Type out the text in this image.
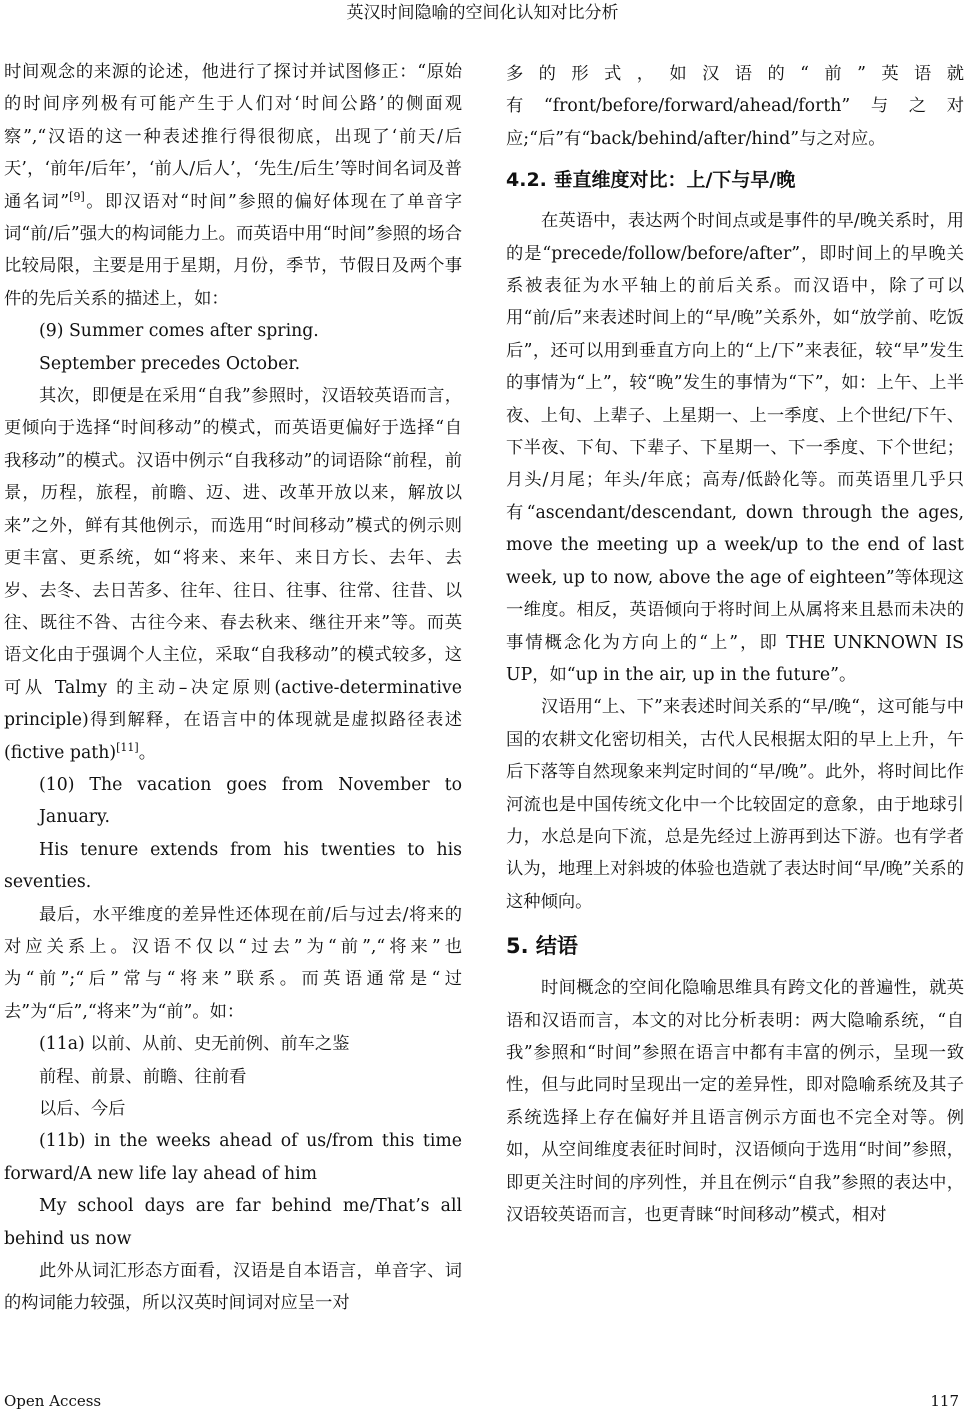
英汉时间隐喻的空间化认知对比分析

时间观念的来源的论述，他进行了探讨并试图修正：“原始的时间序列极有可能产生于人们对‘时间公路’的侧面观察”,“汉语的这一种表述推行得很彻底，出现了‘前天/后天’，‘前年/后年’，‘前人/后人’，‘先生/后生’等时间名词及普通名词”[9]。即汉语对“时间”参照的偏好体现在了单音字词“前/后”强大的构词能力上。而英语中用“时间”参照的场合比较局限，主要是用于星期，月份，季节，节假日及两个事件的先后关系的描述上，如：

(9) Summer comes after spring.

September precedes October.

其次，即便是在采用“自我”参照时，汉语较英语而言，更倾向于选择“时间移动”的模式，而英语更偏好于选择“自我移动”的模式。汉语中例示“自我移动”的词语除“前程，前景，历程，旅程，前瞻、迈、进、改革开放以来，解放以来”之外，鲜有其他例示，而选用“时间移动”模式的例示则更丰富、更系统，如“将来、来年、来日方长、去年、去岁、去冬、去日苦多、往年、往日、往事、往常、往昔、以往、既往不咎、古往今来、春去秋来、继往开来”等。而英语文化由于强调个人主位，采取“自我移动”的模式较多，这可从 Talmy 的主动–决定原则(active-determinative principle)得到解释，在语言中的体现就是虚拟路径表述(fictive path)[11]。

(10) The vacation goes from November to January.

His tenure extends from his twenties to his seventies.

最后，水平维度的差异性还体现在前/后与过去/将来的对应关系上。汉语不仅以“过去”为“前”,“将来”也为“前”;“后”常与“将来”联系。而英语通常是“过去”为“后”,“将来”为“前”。如：

(11a) 以前、从前、史无前例、前车之鉴

前程、前景、前瞻、往前看

以后、今后

(11b) in the weeks ahead of us/from this time forward/A new life lay ahead of him

My school days are far behind me/That’s all behind us now

此外从词汇形态方面看，汉语是自本语言，单音字、词的构词能力较强，所以汉英时间词对应呈一对

多的形式，如汉语的“前”英语就有“front/before/forward/ahead/forth”与之对应;“后”有“back/behind/after/hind”与之对应。

4.2. 垂直维度对比：上/下与早/晚

在英语中，表达两个时间点或是事件的早/晚关系时，用的是“precede/follow/before/after”，即时间上的早晚关系被表征为水平轴上的前后关系。而汉语中，除了可以用“前/后”来表述时间上的“早/晚”关系外，如“放学前、吃饭后”，还可以用到垂直方向上的“上/下”来表征，较“早”发生的事情为“上”，较“晚”发生的事情为“下”，如：上午、上半夜、上旬、上辈子、上星期一、上一季度、上个世纪/下午、下半夜、下旬、下辈子、下星期一、下一季度、下个世纪；月头/月尾；年头/年底；高寿/低龄化等。而英语里几乎只有“ascendant/descendant, down through the ages, move the meeting up a week/up to the end of last week, up to now, above the age of eighteen”等体现这一维度。相反，英语倾向于将时间上从属将来且悬而未决的事情概念化为方向上的“上”，即 THE UNKNOWN IS UP，如“up in the air, up in the future”。

汉语用“上、下”来表述时间关系的“早/晚“，这可能与中国的农耕文化密切相关，古代人民根据太阳的早上上升，午后下落等自然现象来判定时间的“早/晚”。此外，将时间比作河流也是中国传统文化中一个比较固定的意象，由于地球引力，水总是向下流，总是先经过上游再到达下游。也有学者认为，地理上对斜坡的体验也造就了表达时间“早/晚”关系的这种倾向。

5. 结语

时间概念的空间化隐喻思维具有跨文化的普遍性，就英语和汉语而言，本文的对比分析表明：两大隐喻系统，“自我”参照和“时间”参照在语言中都有丰富的例示，呈现一致性，但与此同时呈现出一定的差异性，即对隐喻系统及其子系统选择上存在偏好并且语言例示方面也不完全对等。例如，从空间维度表征时间时，汉语倾向于选用“时间”参照，即更关注时间的序列性，并且在例示“自我”参照的表达中，汉语较英语而言，也更青睐“时间移动”模式，相对

Open Access	117
